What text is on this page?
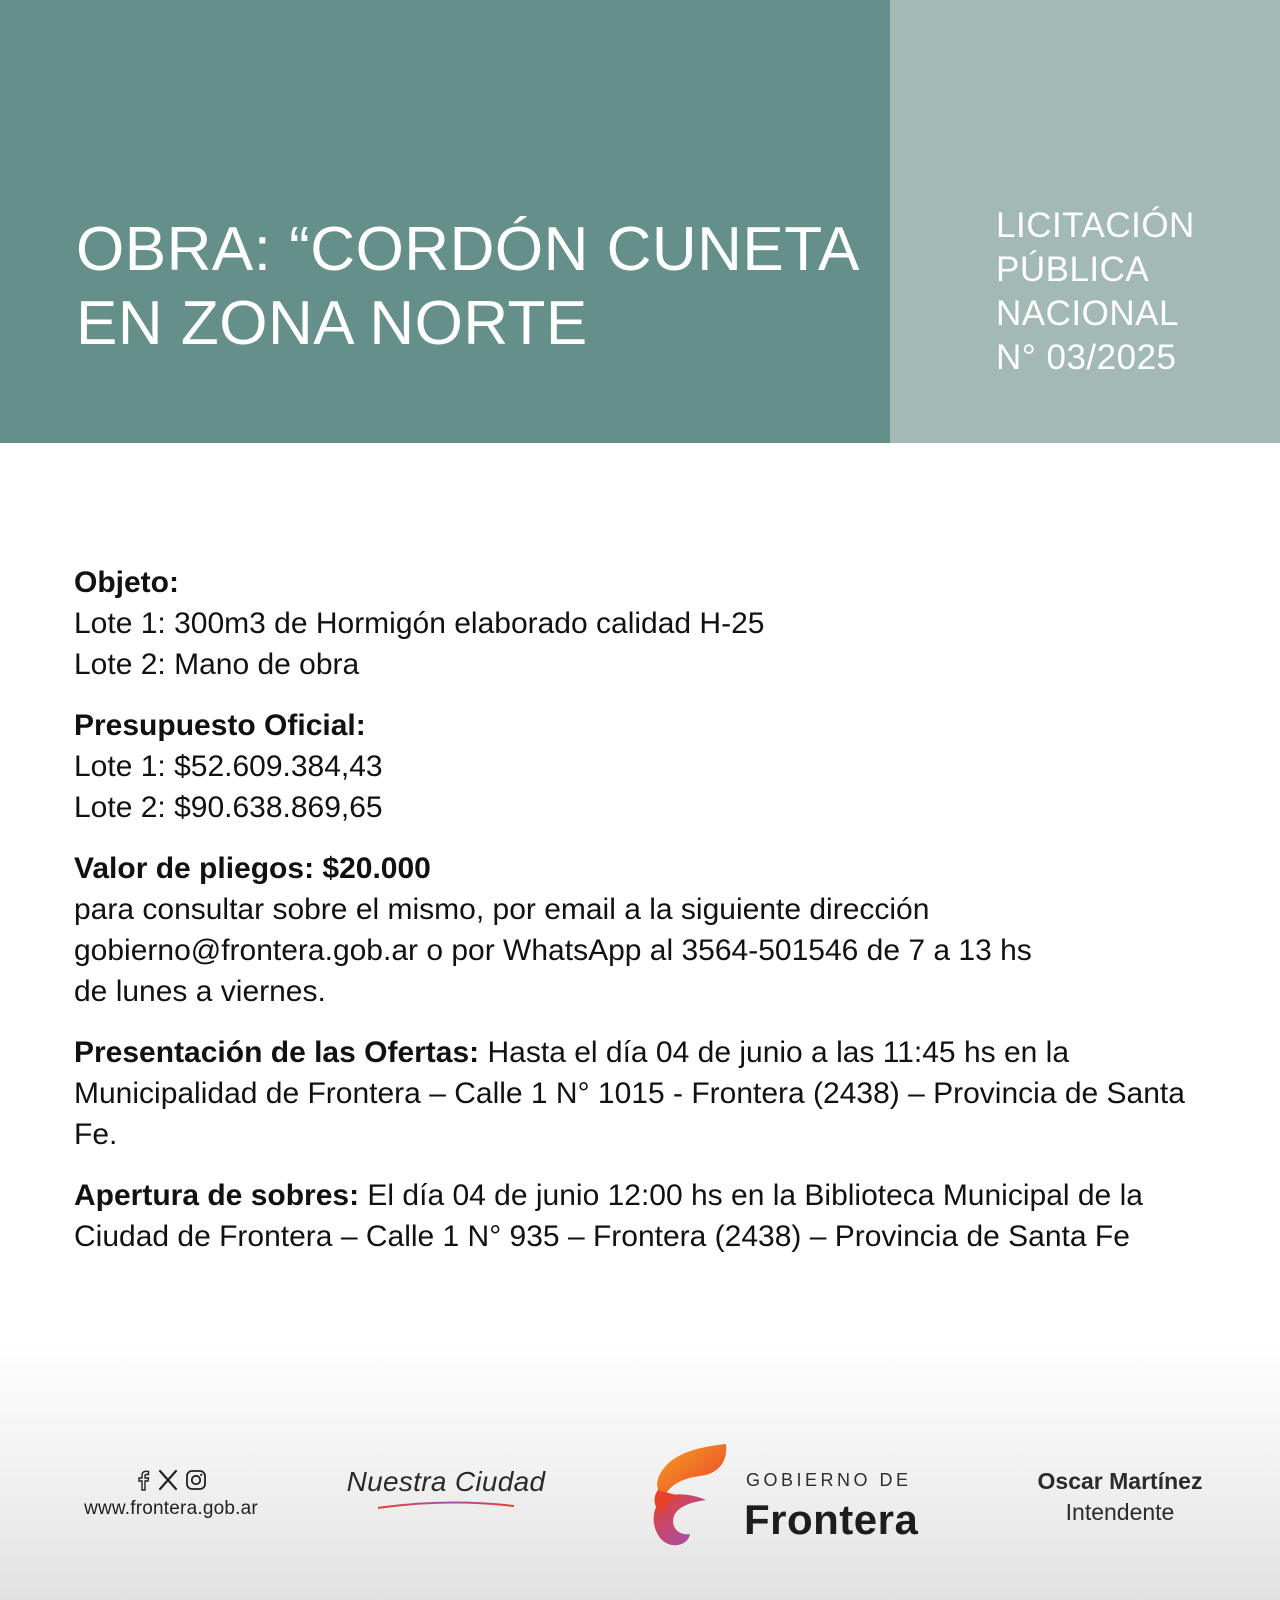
OBRA: “CORDÓN CUNETA
EN ZONA NORTE
LICITACIÓN
PÚBLICA
NACIONAL
N° 03/2025

Objeto:

Lote 1: 300m3 de Hormigón elaborado calidad H-25

Lote 2: Mano de obra

Presupuesto Oficial:

Lote 1: $52.609.384,43

Lote 2: $90.638.869,65

Valor de pliegos: $20.000

para consultar sobre el mismo, por email a la siguiente dirección

gobierno@frontera.gob.ar o por WhatsApp al 3564-501546 de 7 a 13 hs

de lunes a viernes.

Presentación de las Ofertas: Hasta el día 04 de junio a las 11:45 hs en la Municipalidad de Frontera – Calle 1 N° 1015 - Frontera (2438) – Provincia de Santa Fe.

Apertura de sobres: El día 04 de junio 12:00 hs en la Biblioteca Municipal de la Ciudad de Frontera – Calle 1 N° 935 – Frontera (2438) – Provincia de Santa Fe

www.frontera.gob.ar
Nuestra Ciudad	GOBIERNO DE
Frontera
Oscar Martínez
Intendente
